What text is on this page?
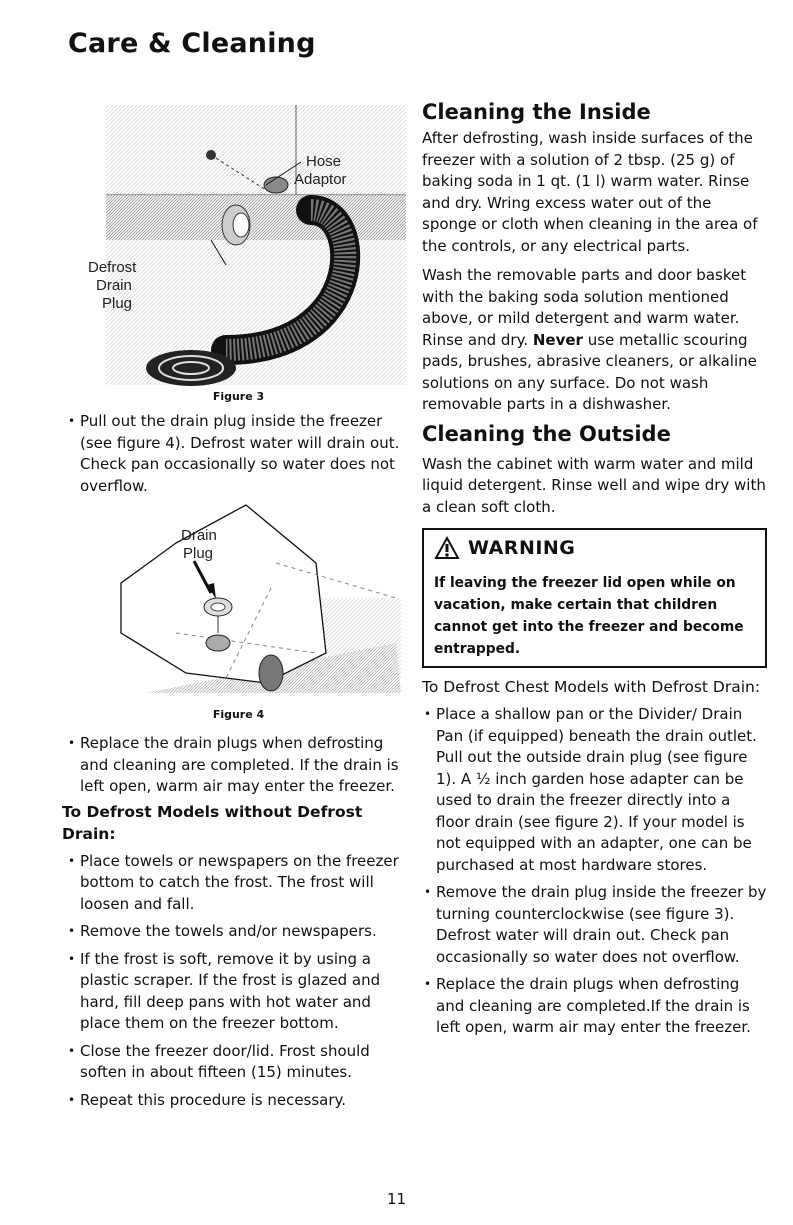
Care & Cleaning
Hose
Adaptor
Defrost
Drain
Plug
Figure 3
• Pull out the drain plug inside the freezer (see figure 4). Defrost water will drain out. Check pan occasionally so water does not overflow.
Drain
Plug
Figure 4
• Replace the drain plugs when defrosting and cleaning are completed. If the drain is left open, warm air may enter the freezer.
To Defrost Models without Defrost Drain:
• Place towels or newspapers on the freezer bottom to catch the frost. The frost will loosen and fall.
• Remove the towels and/or newspapers.
• If the frost is soft, remove it by using a plastic scraper. If the frost is glazed and hard, fill deep pans with hot water and place them on the freezer bottom.
• Close the freezer door/lid. Frost should soften in about fifteen (15) minutes.
• Repeat this procedure is necessary.
Cleaning the Inside

After defrosting, wash inside surfaces of the freezer with a solution of 2 tbsp. (25 g) of baking soda in 1 qt. (1 l) warm water. Rinse and dry. Wring excess water out of the sponge or cloth when cleaning in the area of the controls, or any electrical parts.

Wash the removable parts and door basket with the baking soda solution mentioned above, or mild detergent and warm water. Rinse and dry. Never use metallic scouring pads, brushes, abrasive cleaners, or alkaline solutions on any surface. Do not wash removable parts in a dishwasher.

Cleaning the Outside

Wash the cabinet with warm water and mild liquid detergent. Rinse well and wipe dry with a clean soft cloth.

WARNING
If leaving the freezer lid open while on vacation, make certain that children cannot get into the freezer and become entrapped.
To Defrost Chest Models with Defrost Drain:
• Place a shallow pan or the Divider/ Drain Pan (if equipped) beneath the drain outlet. Pull out the outside drain plug (see figure 1). A ½ inch garden hose adapter can be used to drain the freezer directly into a floor drain (see figure 2). If your model is not equipped with an adapter, one can be purchased at most hardware stores.
• Remove the drain plug inside the freezer by turning counterclockwise (see figure 3). Defrost water will drain out. Check pan occasionally so water does not overflow.
• Replace the drain plugs when defrosting and cleaning are completed.If the drain is left open, warm air may enter the freezer.
11
